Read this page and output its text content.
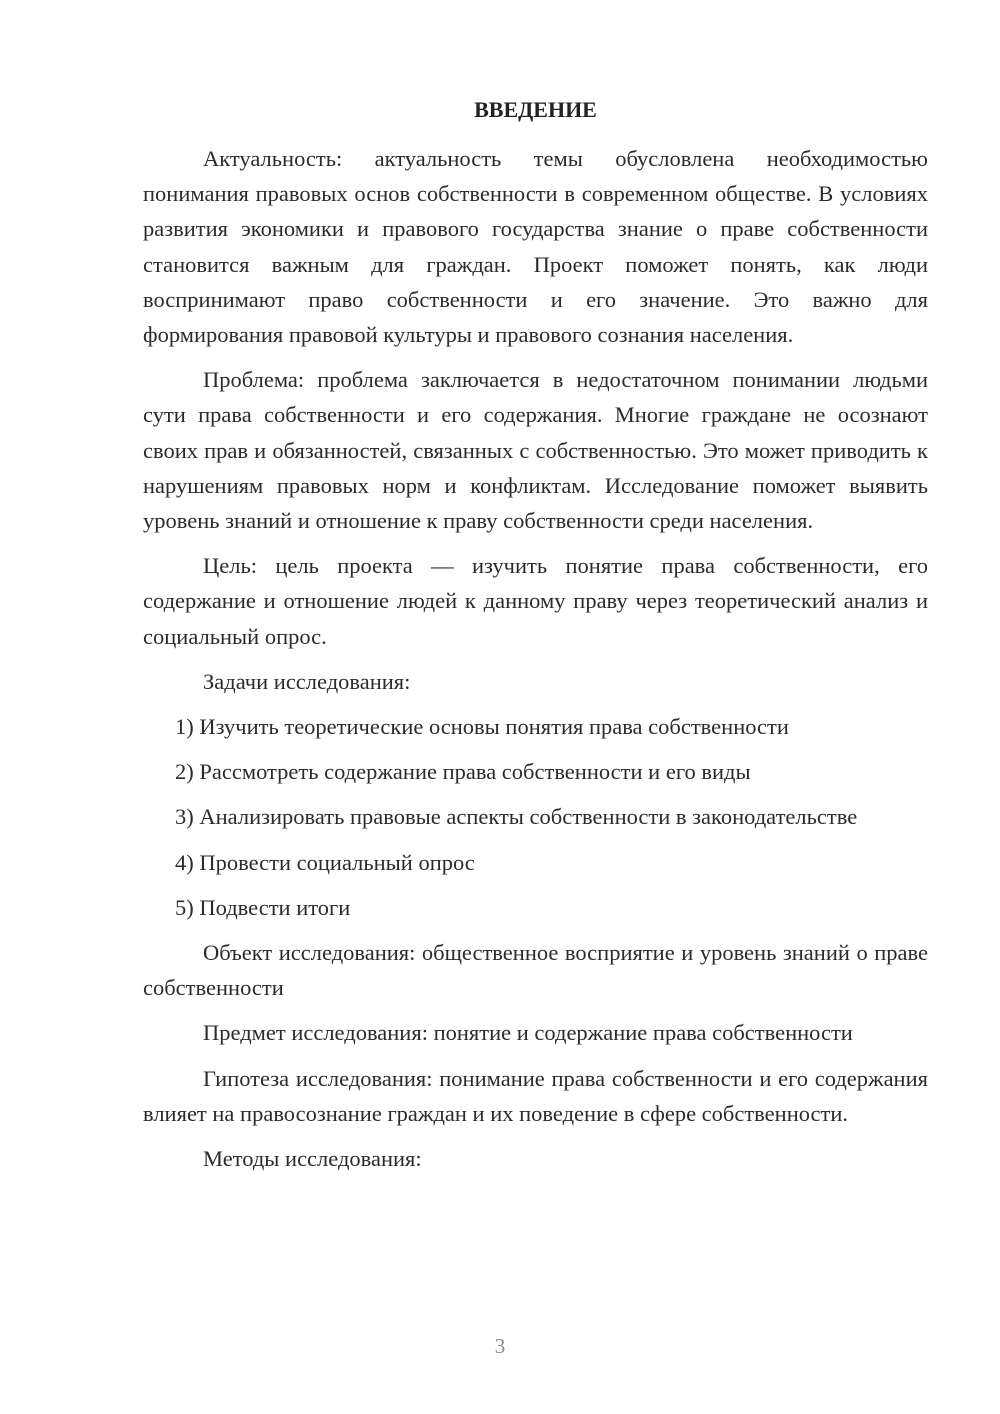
ВВЕДЕНИЕ

Актуальность: актуальность темы обусловлена необходимостью понимания правовых основ собственности в современном обществе. В условиях развития экономики и правового государства знание о праве собственности становится важным для граждан. Проект поможет понять, как люди воспринимают право собственности и его значение. Это важно для формирования правовой культуры и правового сознания населения.

Проблема: проблема заключается в недостаточном понимании людьми сути права собственности и его содержания. Многие граждане не осознают своих прав и обязанностей, связанных с собственностью. Это может приводить к нарушениям правовых норм и конфликтам. Исследование поможет выявить уровень знаний и отношение к праву собственности среди населения.

Цель: цель проекта — изучить понятие права собственности, его содержание и отношение людей к данному праву через теоретический анализ и социальный опрос.

Задачи исследования:

1) Изучить теоретические основы понятия права собственности

2) Рассмотреть содержание права собственности и его виды

3) Анализировать правовые аспекты собственности в законодательстве

4) Провести социальный опрос

5) Подвести итоги

Объект исследования: общественное восприятие и уровень знаний о праве собственности

Предмет исследования: понятие и содержание права собственности

Гипотеза исследования: понимание права собственности и его содержания влияет на правосознание граждан и их поведение в сфере собственности.

Методы исследования:

3
